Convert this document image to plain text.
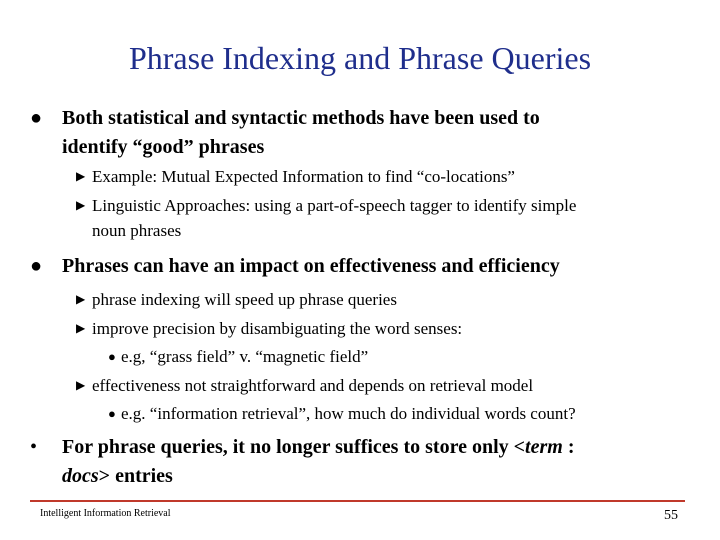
Phrase Indexing and Phrase Queries
● Both statistical and syntactic methods have been used to
identify “good” phrases
▶ Example: Mutual Expected Information to find “co-locations”
▶ Linguistic Approaches: using a part-of-speech tagger to identify simple
noun phrases
● Phrases can have an impact on effectiveness and efficiency
▶ phrase indexing will speed up phrase queries
▶ improve precision by disambiguating the word senses:
● e.g, “grass field” v. “magnetic field”
▶ effectiveness not straightforward and depends on retrieval model
● e.g. “information retrieval”, how much do individual words count?
•	For phrase queries, it no longer suffices to store only <term :
docs> entries
Intelligent Information Retrieval	55
